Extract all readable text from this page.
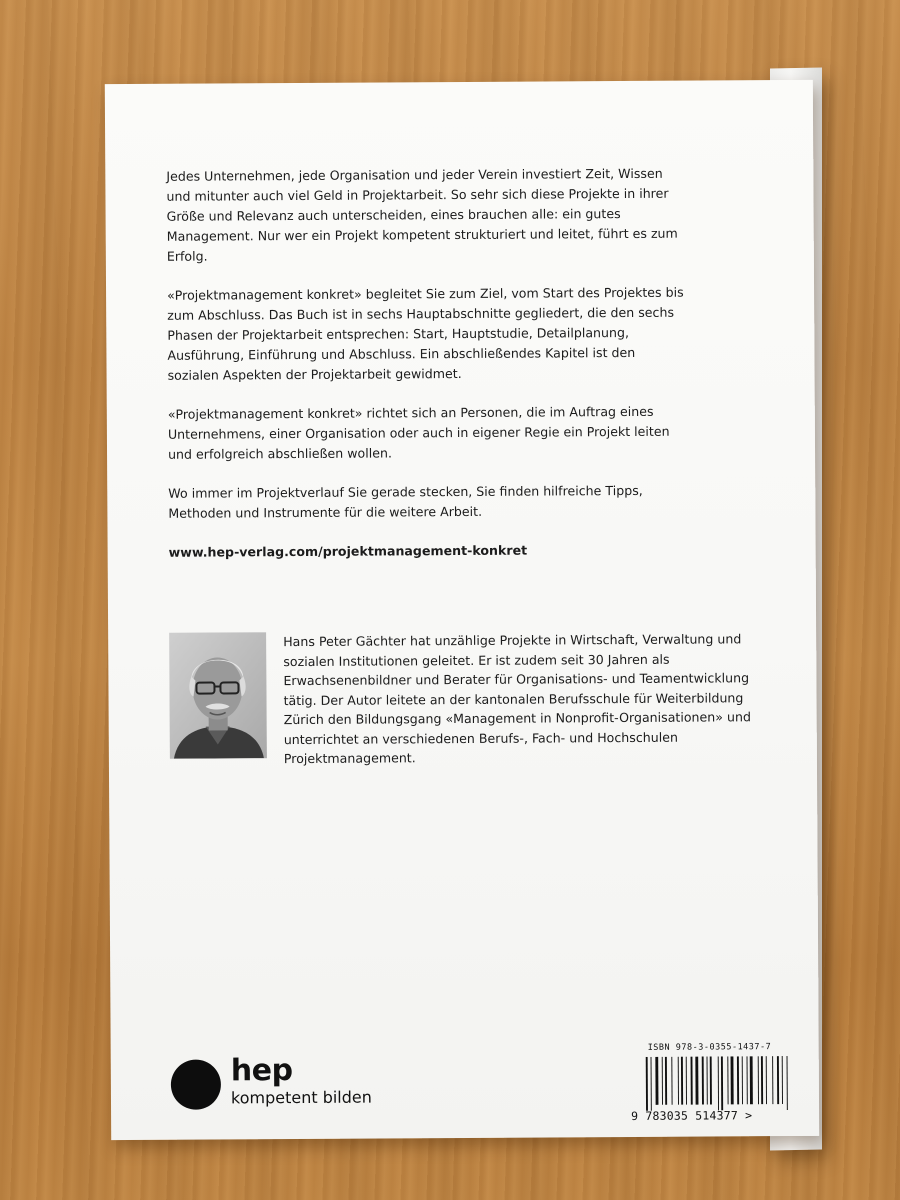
Jedes Unternehmen, jede Organisation und jeder Verein investiert Zeit, Wissen und mitunter auch viel Geld in Projektarbeit. So sehr sich diese Projekte in ihrer Größe und Relevanz auch unterscheiden, eines brauchen alle: ein gutes Management. Nur wer ein Projekt kompetent strukturiert und leitet, führt es zum Erfolg.

«Projektmanagement konkret» begleitet Sie zum Ziel, vom Start des Projektes bis zum Abschluss. Das Buch ist in sechs Hauptabschnitte gegliedert, die den sechs Phasen der Projektarbeit entsprechen: Start, Hauptstudie, Detailplanung, Ausführung, Einführung und Abschluss. Ein abschließendes Kapitel ist den sozialen Aspekten der Projektarbeit gewidmet.

«Projektmanagement konkret» richtet sich an Personen, die im Auftrag eines Unternehmens, einer Organisation oder auch in eigener Regie ein Projekt leiten und erfolgreich abschließen wollen.

Wo immer im Projektverlauf Sie gerade stecken, Sie finden hilfreiche Tipps, Methoden und Instrumente für die weitere Arbeit.

www.hep-verlag.com/projektmanagement-konkret

Hans Peter Gächter hat unzählige Projekte in Wirtschaft, Verwaltung und sozialen Institutionen geleitet. Er ist zudem seit 30 Jahren als Erwachsenenbildner und Berater für Organisations- und Teamentwicklung tätig. Der Autor leitete an der kantonalen Berufsschule für Weiterbildung Zürich den Bildungsgang «Management in Nonprofit-Organisationen» und unterrichtet an verschiedenen Berufs-, Fach- und Hochschulen Projektmanagement.
hep
kompetent bilden
ISBN 978-3-0355-1437-7
9 783035 514377 >
